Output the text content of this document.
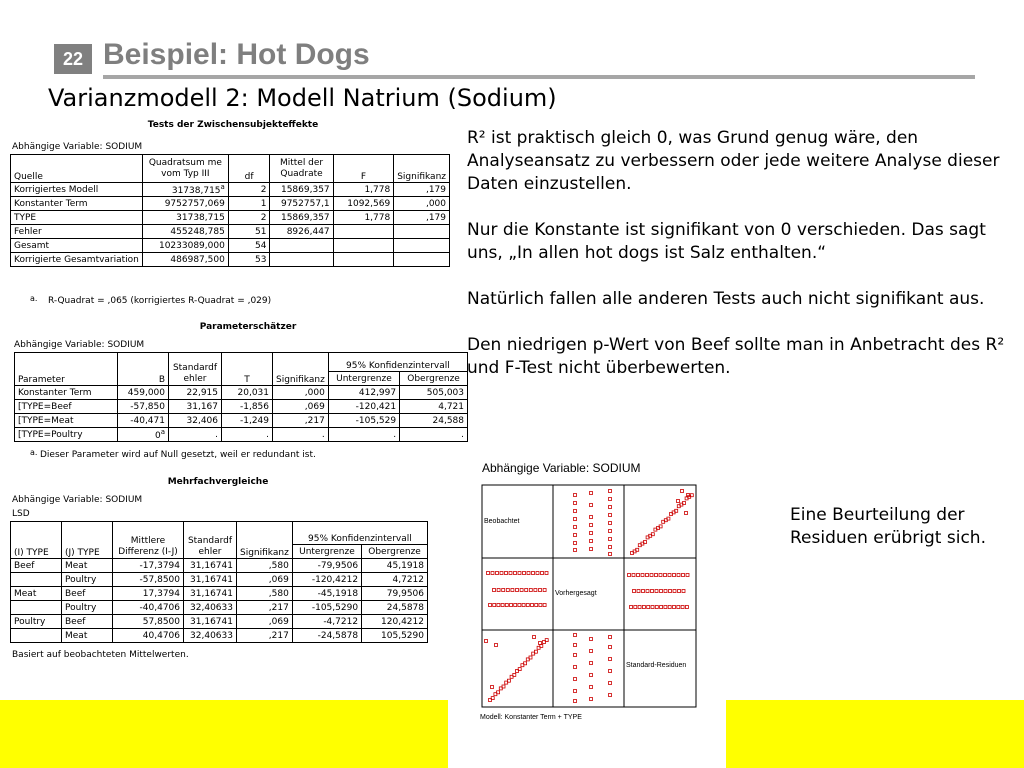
22 Beispiel: Hot Dogs
Varianzmodell 2: Modell Natrium (Sodium)
Tests der Zwischensubjekteffekte
Abhängige Variable: SODIUM
Quelle	Quadratsum me vom Typ III	df	Mittel der Quadrate	F	Signifikanz
Korrigiertes Modell	31738,715$^a$	2	15869,357	1,778	,179
Konstanter Term	9752757,069	1	9752757,1	1092,569	,000
TYPE	31738,715	2	15869,357	1,778	,179
Fehler	455248,785	51	8926,447		
Gesamt	10233089,000	54			
Korrigierte Gesamtvariation	486987,500	53			
a. R-Quadrat = ,065 (korrigiertes R-Quadrat = ,029)
Parameterschätzer
Abhängige Variable: SODIUM
Parameter	B	Standardf ehler	T	Signifikanz	95% Konfidenzintervall	
					Untergrenze	Obergrenze
Konstanter Term	459,000	22,915	20,031	,000	412,997	505,003
[TYPE=Beef	-57,850	31,167	-1,856	,069	-120,421	4,721
[TYPE=Meat	-40,471	32,406	-1,249	,217	-105,529	24,588
[TYPE=Poultry	0$^a$	.	.	.	.	.
a. Dieser Parameter wird auf Null gesetzt, weil er redundant ist.
Mehrfachvergleiche
Abhängige Variable: SODIUM
LSD
(I) TYPE	(J) TYPE	Mittlere Differenz (I-J)	Standardf ehler	Signifikanz	95% Konfidenzintervall	
					Untergrenze	Obergrenze
Beef	Meat	-17,3794	31,16741	,580	-79,9506	45,1918
	Poultry	-57,8500	31,16741	,069	-120,4212	4,7212
Meat	Beef	17,3794	31,16741	,580	-45,1918	79,9506
	Poultry	-40,4706	32,40633	,217	-105,5290	24,5878
Poultry	Beef	57,8500	31,16741	,069	-4,7212	120,4212
	Meat	40,4706	32,40633	,217	-24,5878	105,5290
Basiert auf beobachteten Mittelwerten.

R² ist praktisch gleich 0, was Grund genug wäre, den Analyseansatz zu verbessern oder jede weitere Analyse dieser Daten einzustellen.

Nur die Konstante ist signifikant von 0 verschieden. Das sagt uns, „In allen hot dogs ist Salz enthalten.“

Natürlich fallen alle anderen Tests auch nicht signifikant aus.

Den niedrigen p-Wert von Beef sollte man in Anbetracht des R² und F-Test nicht überbewerten.

Eine Beurteilung der Residuen erübrigt sich.
Abhängige Variable: SODIUM
Beobachtet
Vorhergesagt
Standard-Residuen
Modell: Konstanter Term + TYPE
